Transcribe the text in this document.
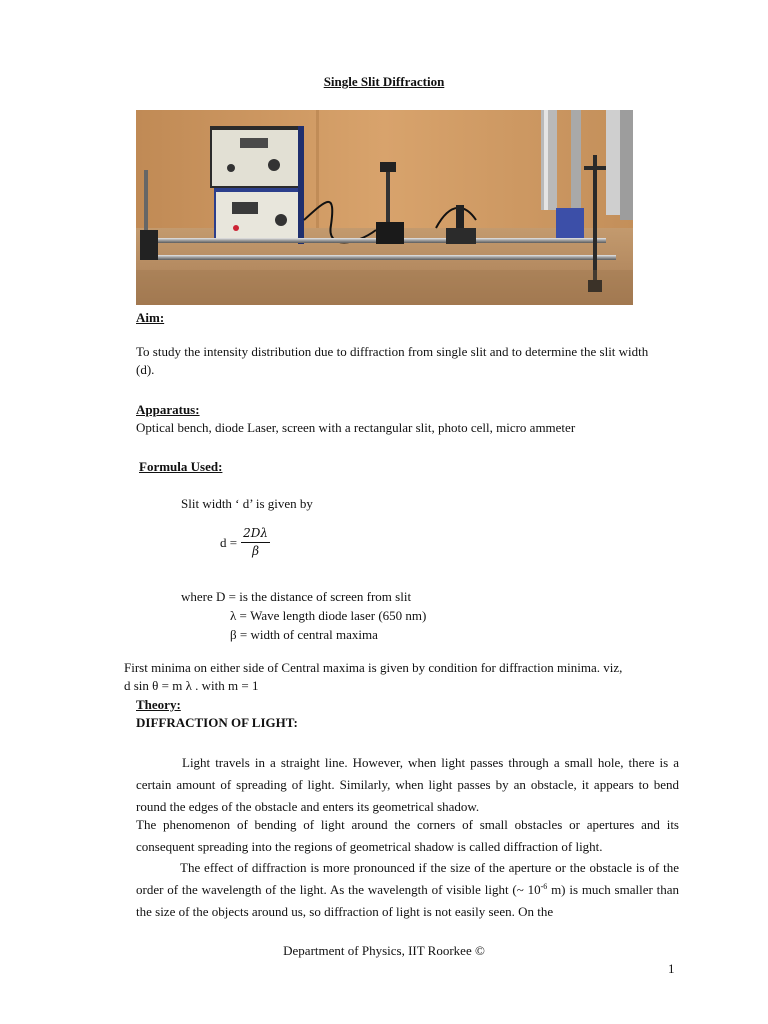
Single Slit Diffraction
Aim:
To study the intensity distribution due to diffraction from single slit and to determine the slit width (d).
Apparatus:
Optical bench, diode Laser, screen with a rectangular slit, photo cell, micro ammeter
Formula Used:
Slit width ‘ d’ is given by
$d = \frac{2D\lambda}{\beta}$
where D = is the distance of screen from slit
λ = Wave length diode laser (650 nm)
β = width of central maxima
First minima on either side of Central maxima is given by condition for diffraction minima. viz,
d sin θ = m λ . with m = 1
Theory:
DIFFRACTION OF LIGHT:
Light travels in a straight line. However, when light passes through a small hole, there is a certain amount of spreading of light. Similarly, when light passes by an obstacle, it appears to bend round the edges of the obstacle and enters its geometrical shadow.
The phenomenon of bending of light around the corners of small obstacles or apertures and its consequent spreading into the regions of geometrical shadow is called diffraction of light.
The effect of diffraction is more pronounced if the size of the aperture or the obstacle is of the order of the wavelength of the light. As the wavelength of visible light (~ $10^{-6}$ m) is much smaller than the size of the objects around us, so diffraction of light is not easily seen. On the
Department of Physics, IIT Roorkee ©
1
